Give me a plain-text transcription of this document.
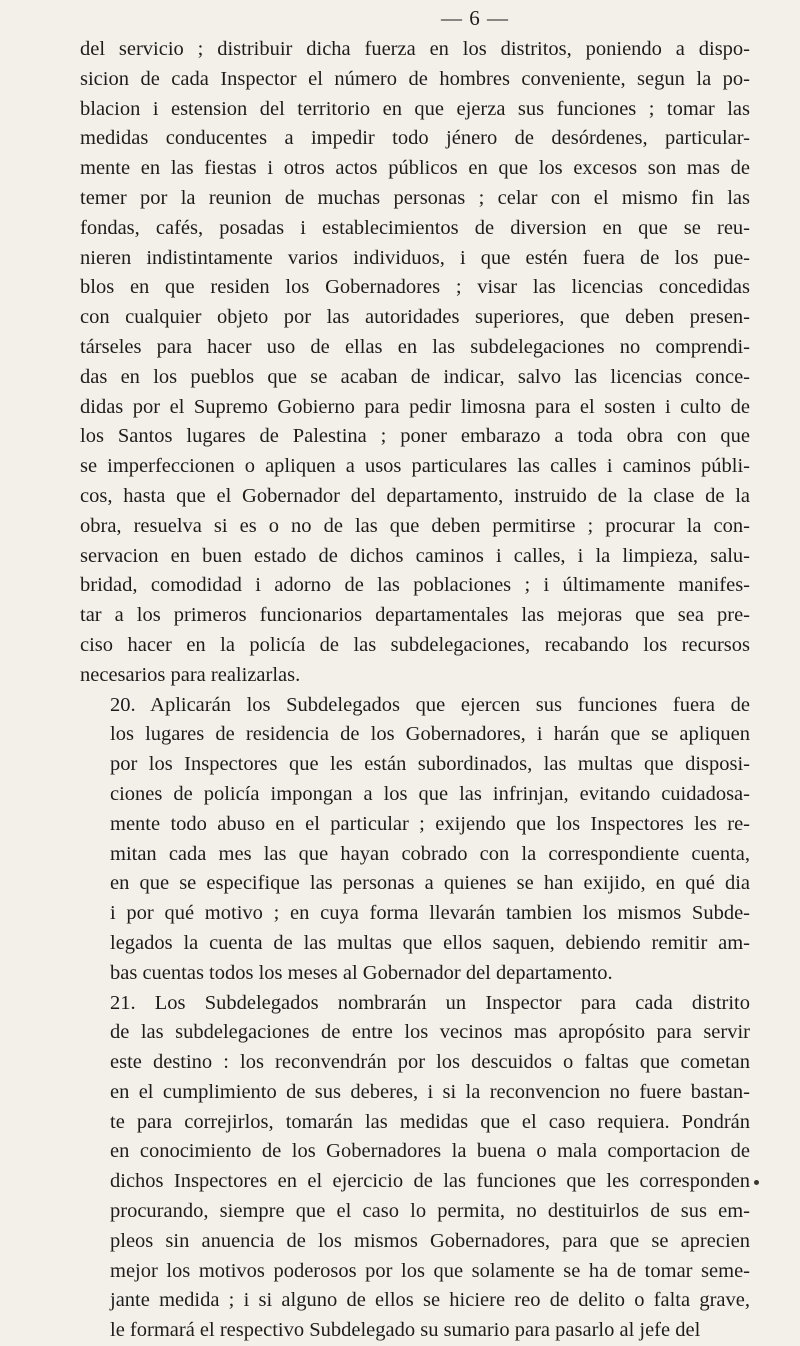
— 6 —

del servicio ; distribuir dicha fuerza en los distritos, poniendo a dispo-
sicion de cada Inspector el número de hombres conveniente, segun la po-
blacion i estension del territorio en que ejerza sus funciones ; tomar las
medidas conducentes a impedir todo jénero de desórdenes, particular-
mente en las fiestas i otros actos públicos en que los excesos son mas de
temer por la reunion de muchas personas ; celar con el mismo fin las
fondas, cafés, posadas i establecimientos de diversion en que se reu-
nieren indistintamente varios individuos, i que estén fuera de los pue-
blos en que residen los Gobernadores ; visar las licencias concedidas
con cualquier objeto por las autoridades superiores, que deben presen-
társeles para hacer uso de ellas en las subdelegaciones no comprendi-
das en los pueblos que se acaban de indicar, salvo las licencias conce-
didas por el Supremo Gobierno para pedir limosna para el sosten i culto de
los Santos lugares de Palestina ; poner embarazo a toda obra con que
se imperfeccionen o apliquen a usos particulares las calles i caminos públi-
cos, hasta que el Gobernador del departamento, instruido de la clase de la
obra, resuelva si es o no de las que deben permitirse ; procurar la con-
servacion en buen estado de dichos caminos i calles, i la limpieza, salu-
bridad, comodidad i adorno de las poblaciones ; i últimamente manifes-
tar a los primeros funcionarios departamentales las mejoras que sea pre-
ciso hacer en la policía de las subdelegaciones, recabando los recursos
necesarios para realizarlas.

20. Aplicarán los Subdelegados que ejercen sus funciones fuera de
los lugares de residencia de los Gobernadores, i harán que se apliquen
por los Inspectores que les están subordinados, las multas que disposi-
ciones de policía impongan a los que las infrinjan, evitando cuidadosa-
mente todo abuso en el particular ; exijendo que los Inspectores les re-
mitan cada mes las que hayan cobrado con la correspondiente cuenta,
en que se especifique las personas a quienes se han exijido, en qué dia
i por qué motivo ; en cuya forma llevarán tambien los mismos Subde-
legados la cuenta de las multas que ellos saquen, debiendo remitir am-
bas cuentas todos los meses al Gobernador del departamento.

21. Los Subdelegados nombrarán un Inspector para cada distrito
de las subdelegaciones de entre los vecinos mas apropósito para servir
este destino : los reconvendrán por los descuidos o faltas que cometan
en el cumplimiento de sus deberes, i si la reconvencion no fuere bastan-
te para correjirlos, tomarán las medidas que el caso requiera. Pondrán
en conocimiento de los Gobernadores la buena o mala comportacion de
dichos Inspectores en el ejercicio de las funciones que les corresponden
procurando, siempre que el caso lo permita, no destituirlos de sus em-
pleos sin anuencia de los mismos Gobernadores, para que se aprecien
mejor los motivos poderosos por los que solamente se ha de tomar seme-
jante medida ; i si alguno de ellos se hiciere reo de delito o falta grave,
le formará el respectivo Subdelegado su sumario para pasarlo al jefe del
